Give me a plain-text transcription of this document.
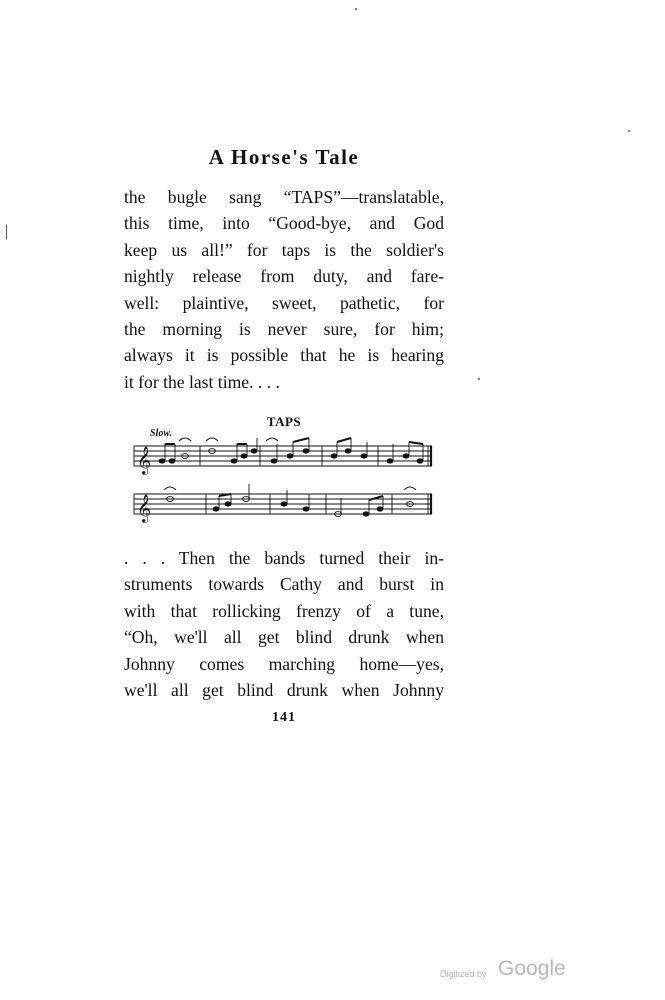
A Horse's Tale
the bugle sang “TAPS”—translatable,
this time, into “Good-bye, and God
keep us all!” for taps is the soldier's
nightly release from duty, and fare-
well: plaintive, sweet, pathetic, for
the morning is never sure, for him;
always it is possible that he is hearing
it for the last time. . . .
TAPS
Slow.
𝄞
𝄞
. . . Then the bands turned their in-
struments towards Cathy and burst in
with that rollicking frenzy of a tune,
“Oh, we'll all get blind drunk when
Johnny comes marching home—yes,
we'll all get blind drunk when Johnny
141
Digitized by Google
